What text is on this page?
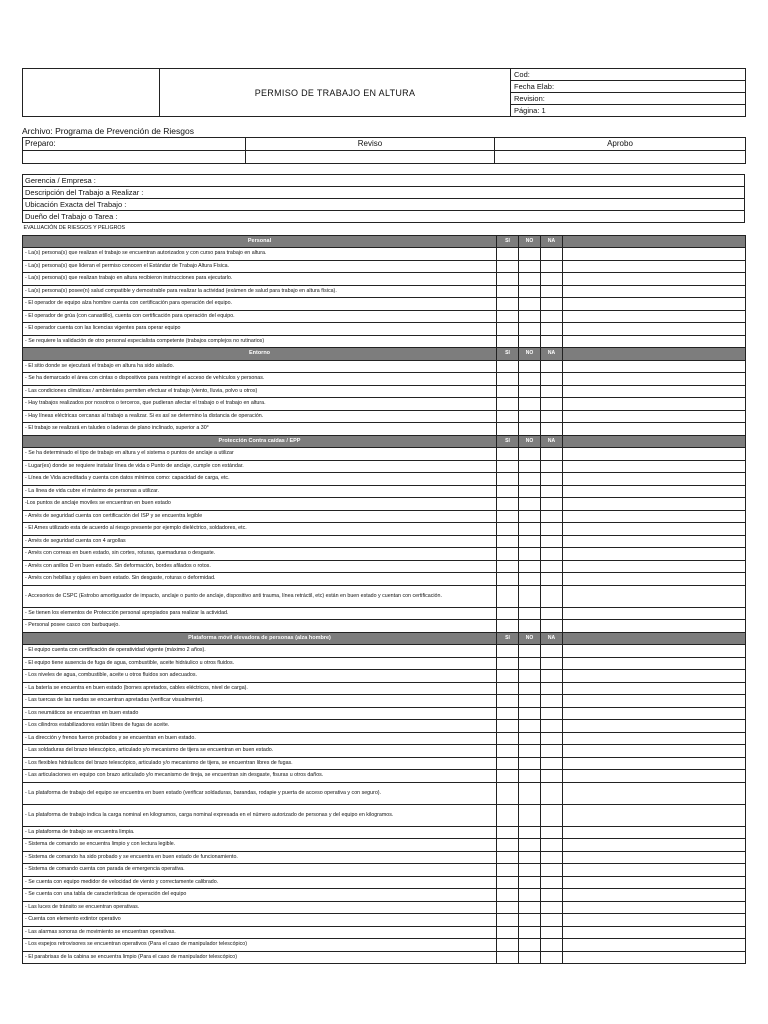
	PERMISO DE TRABAJO EN ALTURA	Cod:
Fecha Elab:
Revision:
Página: 1
Archivo: Programa de Prevención de Riesgos
Preparo:	Reviso	Aprobo

Gerencia / Empresa :
Descripción del Trabajo a Realizar :
Ubicación Exacta del Trabajo :
Dueño del Trabajo o Tarea :
EVALUACIÓN DE RIESGOS Y PELIGROS				
Personal	SI	NO	NA	
- La(s) persona(s) que realizan el trabajo se encuentran autorizados y con curso para trabajo en altura.				
- La(s) persona(s) que lideran el permiso conocen el Estándar de Trabajo Altura Física.				
- La(s) persona(s) que realizan trabajo en altura recibieron instrucciones para ejecutarlo.				
- La(s) persona(s) posee(n) salud compatible y demostrable para realizar la actividad (exámen de salud para trabajo en altura física).				
- El operador de equipo alza hombre cuenta con certificación para operación del equipo.				
- El operador de grúa (con canastillo), cuenta con certificación para operación del equipo.				
- El operador cuenta con las licencias vigentes para operar equipo				
- Se requiere la validación de otro personal especialista competente (trabajos complejos no rutinarios)				
Entorno	SI	NO	NA	
- El sitio donde se ejecutará el trabajo en altura ha sido aislado.				
- Se ha demarcado el área con cintas o dispositivos para restringir el acceso de vehículos y personas.				
- Las condiciones climáticas / ambientales permiten efectuar el trabajo (viento, lluvia, polvo u otros)				
- Hay trabajos realizados por nosotros o terceros, que pudieran afectar el trabajo o el trabajo en altura.				
- Hay líneas eléctricas cercanas al trabajo a realizar. Si es así se determino la distancia de operación.				
- El trabajo se realizará en taludes o laderas de plano inclinado, superior a 30°				
Protección Contra caídas / EPP	SI	NO	NA	
- Se ha determinado el tipo de trabajo en altura y el sistema o puntos de anclaje a utilizar				
- Lugar(es) donde se requiere instalar línea de vida o Punto de anclaje, cumple con estándar.				
- Línea de Vida acreditada y cuenta con datos mínimos como: capacidad de carga, etc.				
- La línea de vida cubre el máximo de personas a utilizar.				
-Los puntos de anclaje moviles se encuentran en buen estado				
- Arnés de seguridad cuenta con certificación del ISP y se encuentra legible				
- El Arnes utilizado esta de acuerdo al riesgo presente por ejemplo dieléctrico, soldadores, etc.				
- Arnés de seguridad cuenta con 4 argollas				
- Arnés con correas en buen estado, sin cortes, roturas, quemaduras o desgaste.				
- Arnés con anillos D en buen estado. Sin deformación, bordes afilados o rotos.				
- Arnés con hebillas y ojales en buen estado. Sin desgaste, roturas o deformidad.				
- Accesorios de CSPC (Estrobo amortiguador de impacto, anclaje o punto de anclaje, dispositivo anti trauma, línea retráctil, etc) están en buen estado y cuentan con certificación.				
- Se tienen los elementos de Protección personal apropiados para realizar la actividad.				
- Personal posee casco con barbuquejo.				
Plataforma móvil elevadora de personas (alza hombre)	SI	NO	NA	
- El equipo cuenta con certificación de operatividad vigente (máximo 2 años).				
- El equipo tiene ausencia de fuga de agua, combustible, aceite hidráulico u otros fluidos.				
- Los niveles de agua, combustible, aceite u otros fluidos son adecuados.				
- La batería se encuentra en buen estado (bornes apretados, cables eléctricos, nivel de carga).				
- Las tuercas de las ruedas se encuentran apretadas (verificar visualmente).				
- Los neumáticos se encuentran en buen estado				
- Los cilindros estabilizadores están libres de fugas de aceite.				
- La dirección y frenos fueron probados y se encuentran en buen estado.				
- Las soldaduras del brazo telescópico, articulado y/o mecanismo de tijera se encuentran en buen estado.				
- Los flexibles hidráulicos del brazo telescópico, articulado y/o mecanismo de tijera, se encuentran libres de fugas.				
- Las articulaciones en equipo con brazo articulado y/o mecanismo de tireja, se encuentran sin desgaste, fisuras u otros daños.				
- La plataforma de trabajo del equipo se encuentra en buen estado (verificar soldaduras, barandas, rodapie y puerta de acceso operativa y con seguro).				
- La plataforma de trabajo indica la carga nominal en kilogramos, carga nominal expresada en el número autorizado de personas y del equipo en kilogramos.				
- La plataforma de trabajo se encuentra limpia.				
- Sistema de comando se encuentra limpio y con lectura legible.				
- Sistema de comando ha sido probado y se encuentra en buen estado de funcionamiento.				
- Sistema de comando cuenta con parada de emergencia operativa.				
- Se cuenta con equipo medidor de velocidad de viento y correctamente calibrado.				
- Se cuenta con una tabla de características de operación del equipo				
- Las luces de tránsito se encuentran operativas.				
- Cuenta con elemento extintor operativo				
- Las alarmas sonoras de movimiento se encuentran operativas.				
- Los espejos retrovisores se encuentran operativos (Para el caso de manipulador telescópico)				
- El parabrisas de la cabina se encuentra limpio (Para el caso de manipulador telescópico)				
